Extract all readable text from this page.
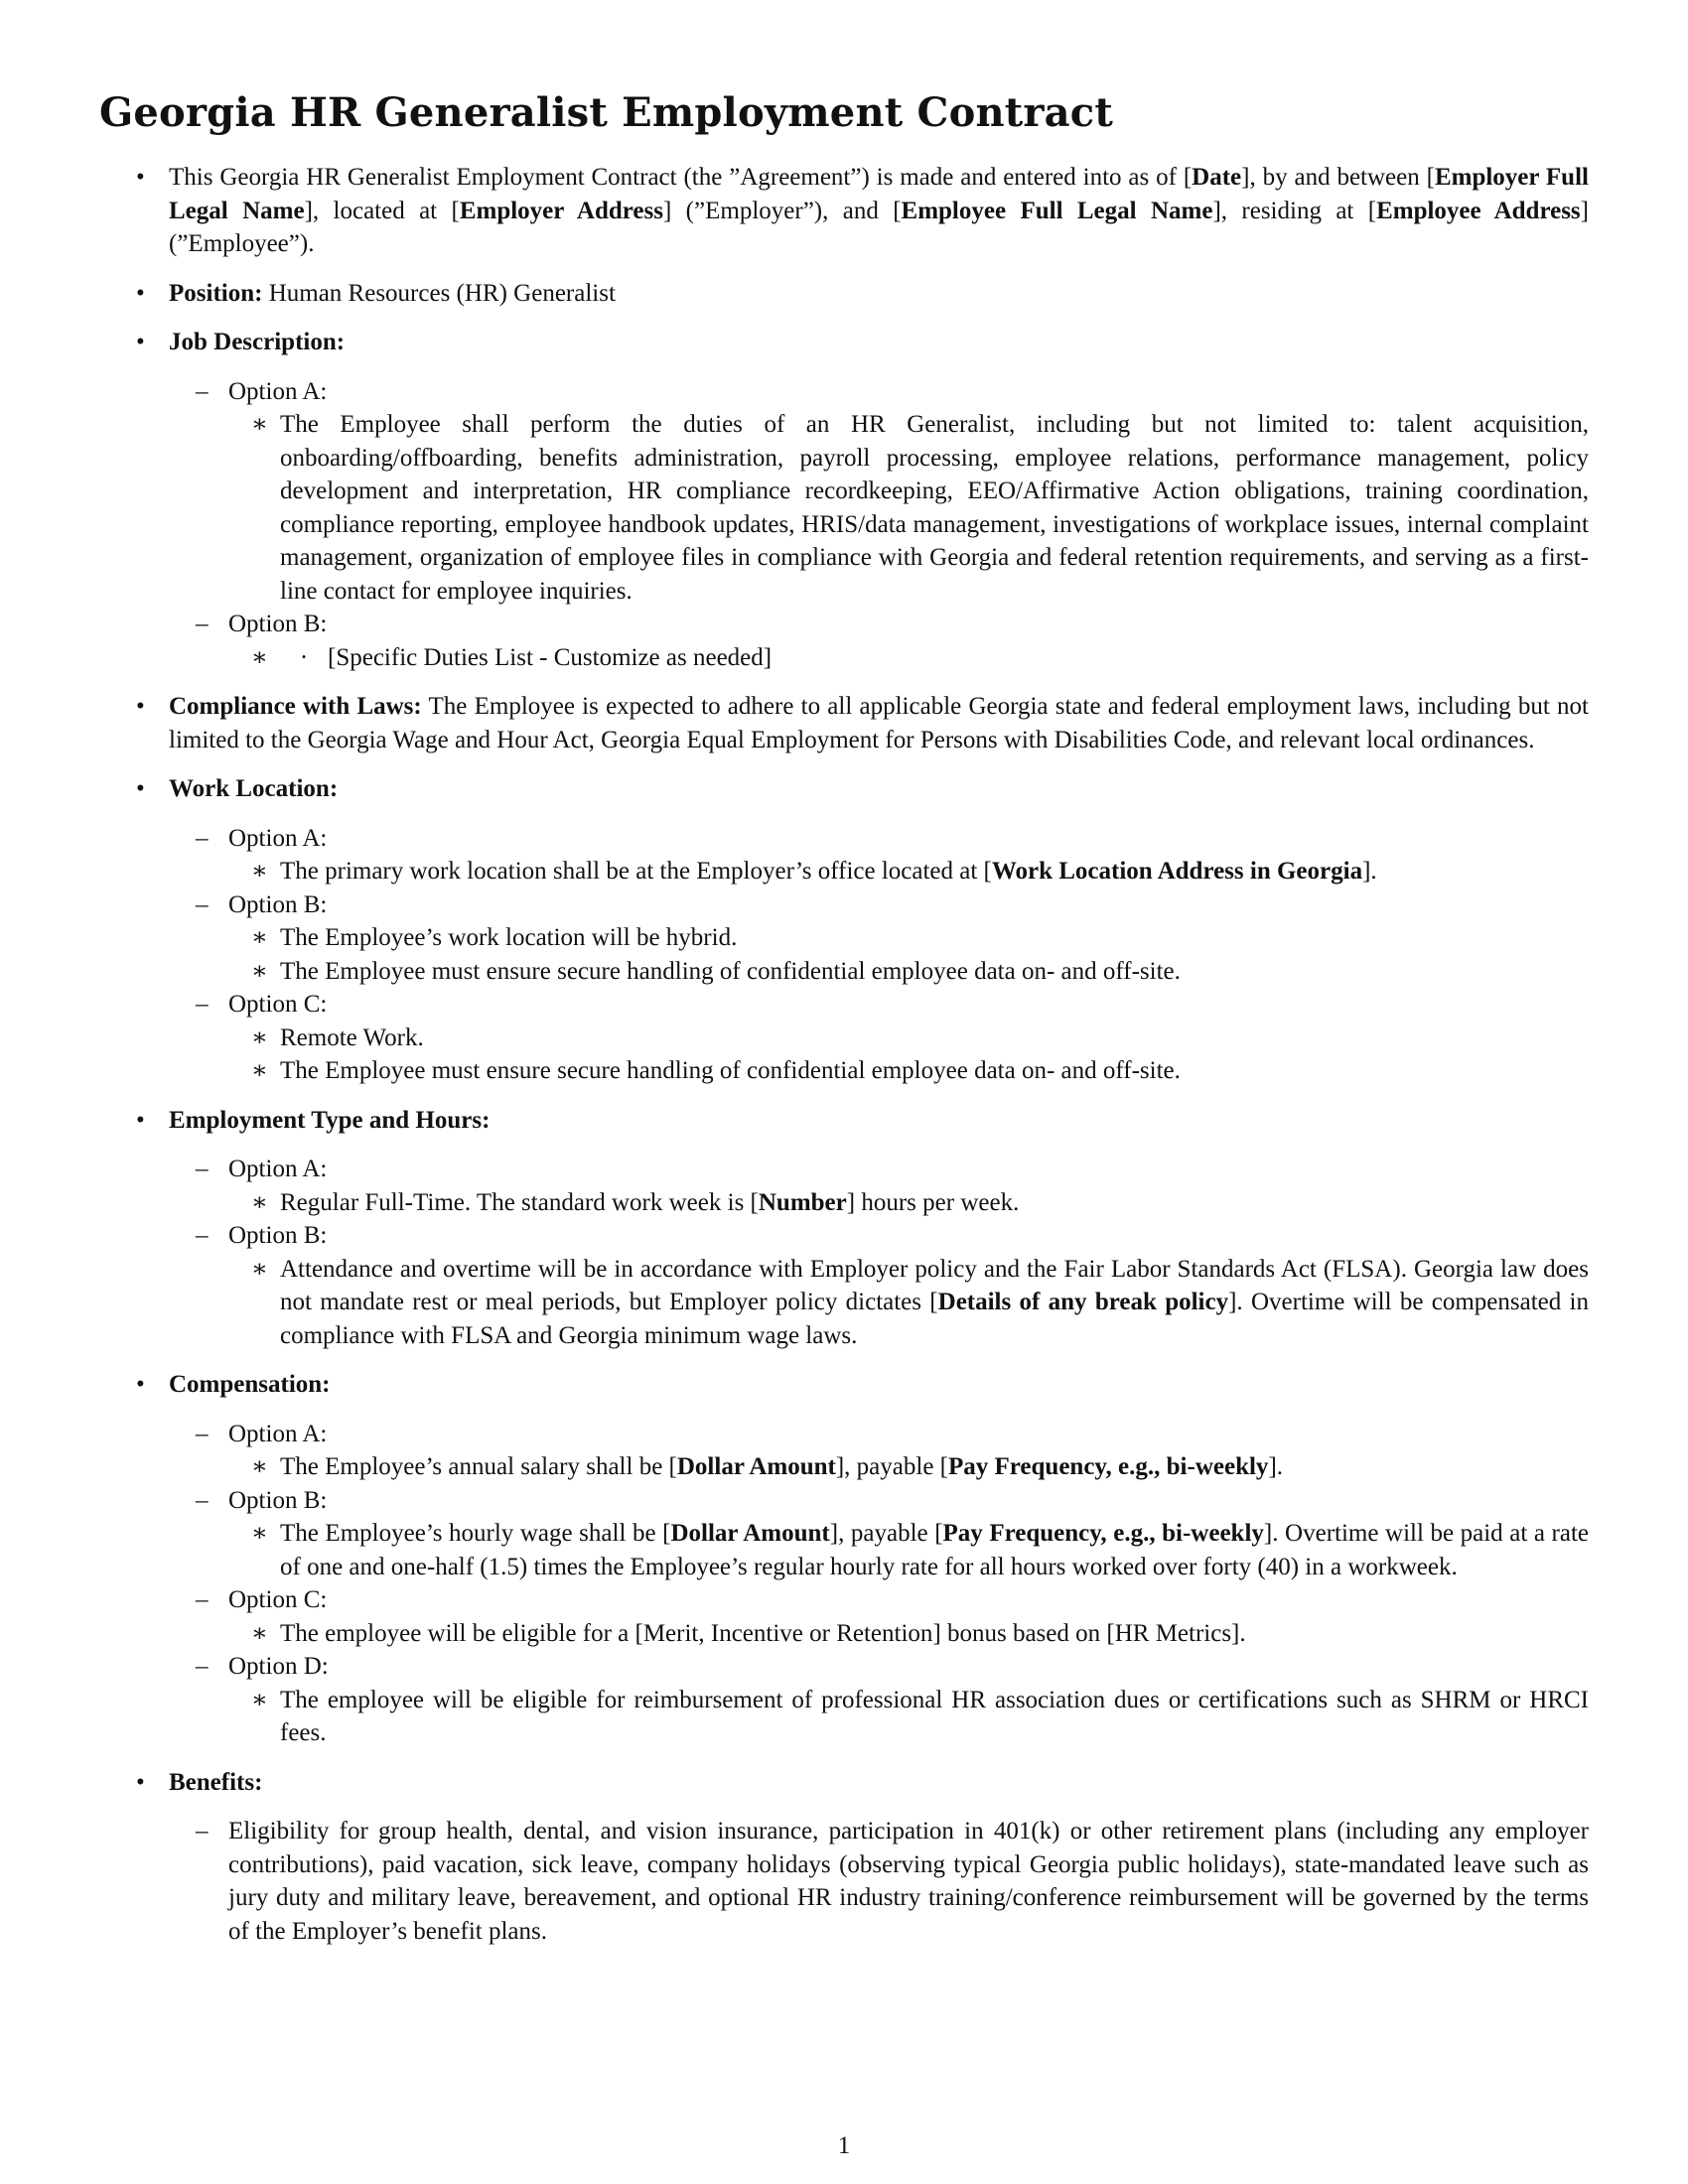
Georgia HR Generalist Employment Contract
• This Georgia HR Generalist Employment Contract (the ”Agreement”) is made and entered into as of [Date], by and between [Employer Full Legal Name], located at [Employer Address] (”Employer”), and [Employee Full Legal Name], residing at [Employee Address] (”Employee”).
• Position: Human Resources (HR) Generalist
• Job Description:
– Option A:
∗ The Employee shall perform the duties of an HR Generalist, including but not limited to: talent acquisition, onboarding/offboarding, benefits administration, payroll processing, employee relations, performance management, policy development and interpretation, HR compliance recordkeeping, EEO/Affirmative Action obligations, training coordination, compliance reporting, employee handbook updates, HRIS/data management, investigations of workplace issues, internal complaint management, organization of employee files in compliance with Georgia and federal retention requirements, and serving as a first-line contact for employee inquiries.
– Option B:
∗ · [Specific Duties List - Customize as needed]
• Compliance with Laws: The Employee is expected to adhere to all applicable Georgia state and federal employment laws, including but not limited to the Georgia Wage and Hour Act, Georgia Equal Employment for Persons with Disabilities Code, and relevant local ordinances.
• Work Location:
– Option A:
∗ The primary work location shall be at the Employer’s office located at [Work Location Address in Georgia].
– Option B:
∗ The Employee’s work location will be hybrid.
∗ The Employee must ensure secure handling of confidential employee data on- and off-site.
– Option C:
∗ Remote Work.
∗ The Employee must ensure secure handling of confidential employee data on- and off-site.
• Employment Type and Hours:
– Option A:
∗ Regular Full-Time. The standard work week is [Number] hours per week.
– Option B:
∗ Attendance and overtime will be in accordance with Employer policy and the Fair Labor Standards Act (FLSA). Georgia law does not mandate rest or meal periods, but Employer policy dictates [Details of any break policy]. Overtime will be compensated in compliance with FLSA and Georgia minimum wage laws.
• Compensation:
– Option A:
∗ The Employee’s annual salary shall be [Dollar Amount], payable [Pay Frequency, e.g., bi-weekly].
– Option B:
∗ The Employee’s hourly wage shall be [Dollar Amount], payable [Pay Frequency, e.g., bi-weekly]. Overtime will be paid at a rate of one and one-half (1.5) times the Employee’s regular hourly rate for all hours worked over forty (40) in a workweek.
– Option C:
∗ The employee will be eligible for a [Merit, Incentive or Retention] bonus based on [HR Metrics].
– Option D:
∗ The employee will be eligible for reimbursement of professional HR association dues or certifications such as SHRM or HRCI fees.
• Benefits:
– Eligibility for group health, dental, and vision insurance, participation in 401(k) or other retirement plans (including any employer contributions), paid vacation, sick leave, company holidays (observing typical Georgia public holidays), state-mandated leave such as jury duty and military leave, bereavement, and optional HR industry training/conference reimbursement will be governed by the terms of the Employer’s benefit plans.
1
